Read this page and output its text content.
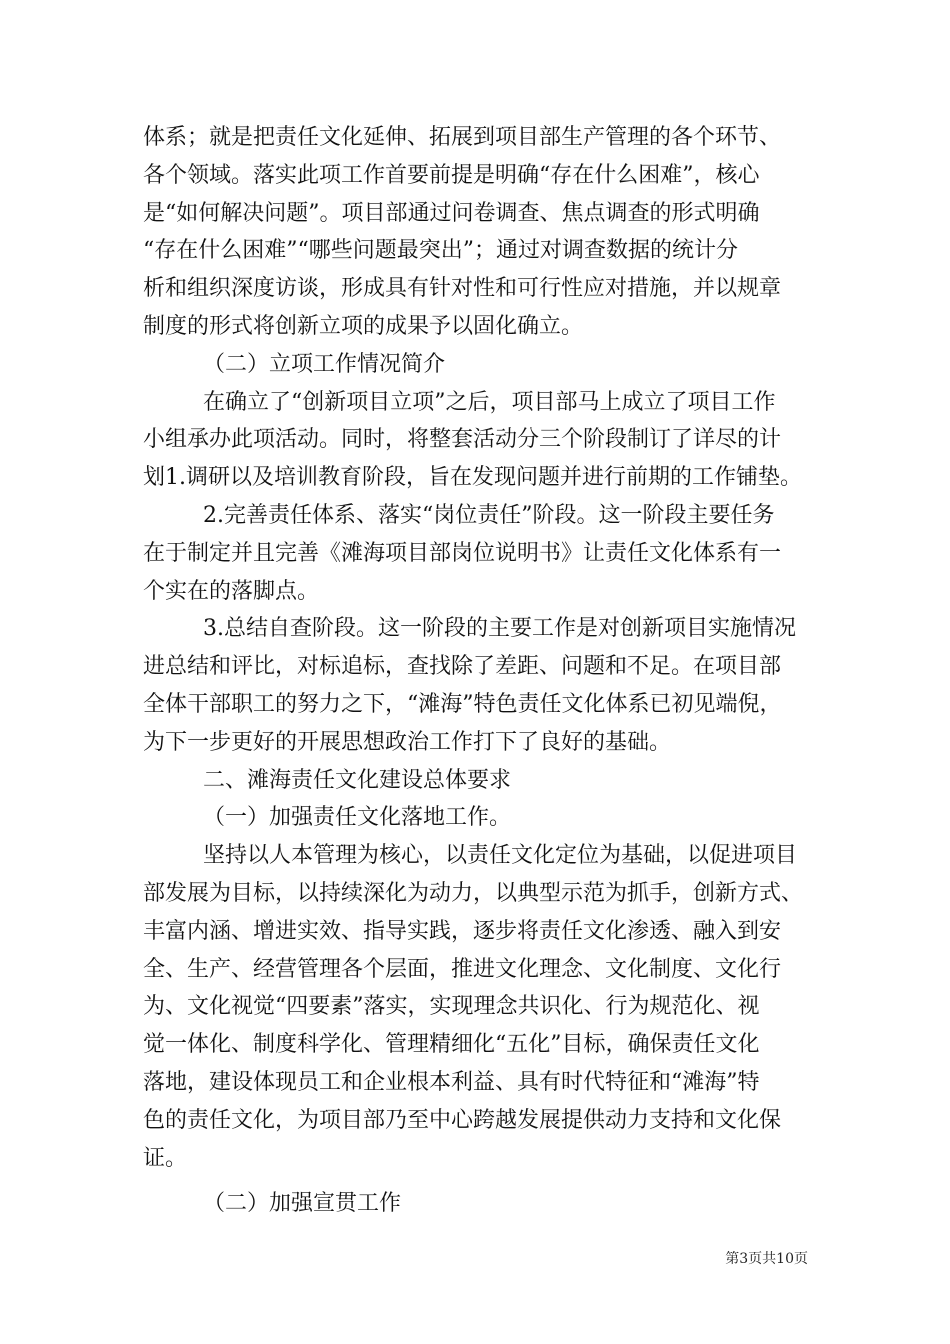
体系；就是把责任文化延伸、拓展到项目部生产管理的各个环节、
各个领域。落实此项工作首要前提是明确“存在什么困难”，核心
是“如何解决问题”。项目部通过问卷调查、焦点调查的形式明确
“存在什么困难”“哪些问题最突出”；通过对调查数据的统计分
析和组织深度访谈，形成具有针对性和可行性应对措施，并以规章
制度的形式将创新立项的成果予以固化确立。
（二）立项工作情况简介
在确立了“创新项目立项”之后，项目部马上成立了项目工作
小组承办此项活动。同时，将整套活动分三个阶段制订了详尽的计
划1.调研以及培训教育阶段，旨在发现问题并进行前期的工作铺垫。
2.完善责任体系、落实“岗位责任”阶段。这一阶段主要任务
在于制定并且完善《滩海项目部岗位说明书》让责任文化体系有一
个实在的落脚点。
3.总结自查阶段。这一阶段的主要工作是对创新项目实施情况
进总结和评比，对标追标，查找除了差距、问题和不足。在项目部
全体干部职工的努力之下，“滩海”特色责任文化体系已初见端倪，
为下一步更好的开展思想政治工作打下了良好的基础。
二、滩海责任文化建设总体要求
（一）加强责任文化落地工作。
坚持以人本管理为核心，以责任文化定位为基础，以促进项目
部发展为目标，以持续深化为动力，以典型示范为抓手，创新方式、
丰富内涵、增进实效、指导实践，逐步将责任文化渗透、融入到安
全、生产、经营管理各个层面，推进文化理念、文化制度、文化行
为、文化视觉“四要素”落实，实现理念共识化、行为规范化、视
觉一体化、制度科学化、管理精细化“五化”目标，确保责任文化
落地，建设体现员工和企业根本利益、具有时代特征和“滩海”特
色的责任文化，为项目部乃至中心跨越发展提供动力支持和文化保
证。
（二）加强宣贯工作
第3页共10页
